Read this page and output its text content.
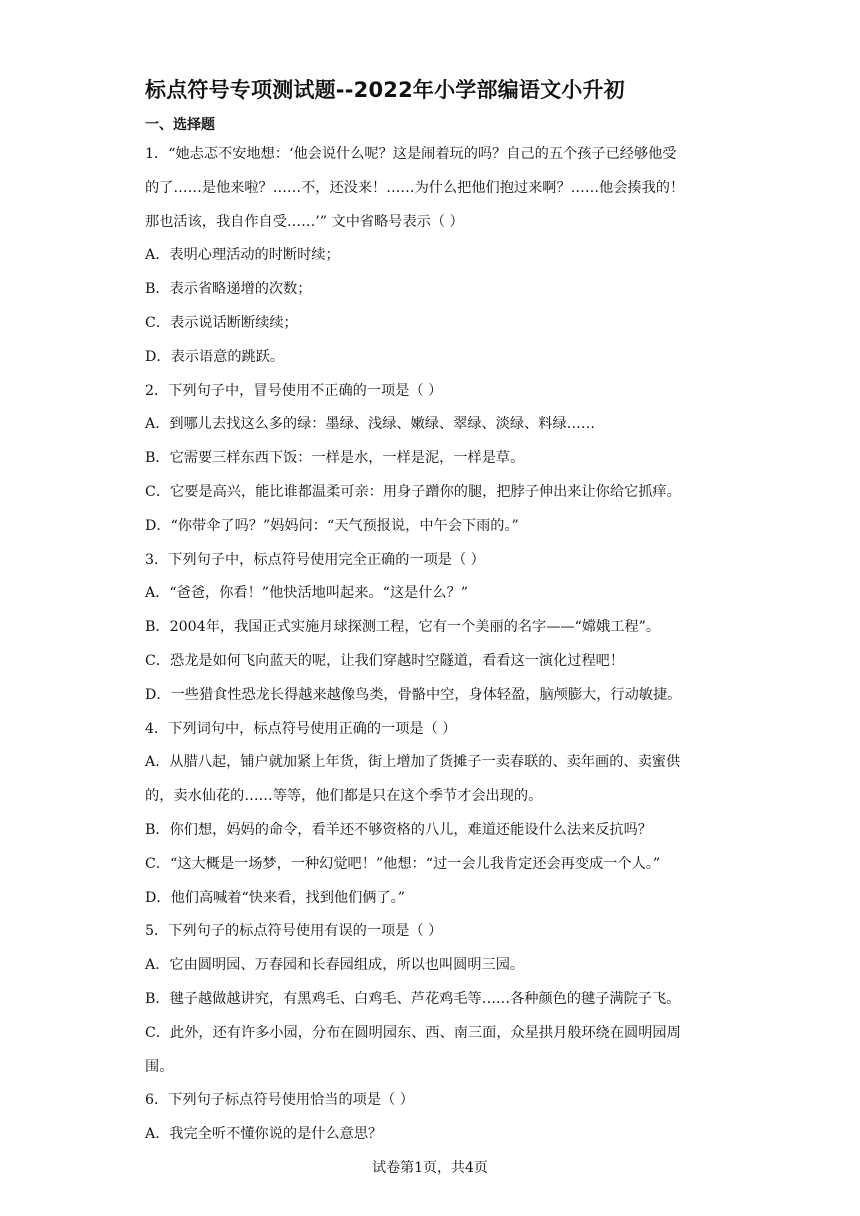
标点符号专项测试题--2022年小学部编语文小升初
一、选择题
1．“她忐忑不安地想：‘他会说什么呢？这是闹着玩的吗？自己的五个孩子已经够他受
的了……是他来啦？……不，还没来！……为什么把他们抱过来啊？……他会揍我的！
那也活该，我自作自受……’” 文中省略号表示（ ）
A．表明心理活动的时断时续；
B．表示省略递增的次数；
C．表示说话断断续续；
D．表示语意的跳跃。
2．下列句子中，冒号使用不正确的一项是（ ）
A．到哪儿去找这么多的绿：墨绿、浅绿、嫩绿、翠绿、淡绿、料绿……
B．它需要三样东西下饭：一样是水，一样是泥，一样是草。
C．它要是高兴，能比谁都温柔可亲：用身子蹭你的腿，把脖子伸出来让你给它抓痒。
D．“你带伞了吗？”妈妈问：“天气预报说，中午会下雨的。”
3．下列句子中，标点符号使用完全正确的一项是（ ）
A．“爸爸，你看！”他快活地叫起来。“这是什么？”
B．2004年，我国正式实施月球探测工程，它有一个美丽的名字——“嫦娥工程”。
C．恐龙是如何飞向蓝天的呢，让我们穿越时空隧道，看看这一演化过程吧！
D．一些猎食性恐龙长得越来越像鸟类，骨骼中空，身体轻盈，脑颅膨大，行动敏捷。
4．下列词句中，标点符号使用正确的一项是（ ）
A．从腊八起，铺户就加紧上年货，街上增加了货摊子一卖春联的、卖年画的、卖蜜供
的，卖水仙花的……等等，他们都是只在这个季节才会出现的。
B．你们想，妈妈的命令，看羊还不够资格的八儿，难道还能设什么法来反抗吗？
C．“这大概是一场梦，一种幻觉吧！”他想：“过一会儿我肯定还会再变成一个人。”
D．他们高喊着“快来看，找到他们俩了。”
5．下列句子的标点符号使用有误的一项是（ ）
A．它由圆明园、万春园和长春园组成，所以也叫圆明三园。
B．毽子越做越讲究，有黑鸡毛、白鸡毛、芦花鸡毛等……各种颜色的毽子满院子飞。
C．此外，还有许多小园，分布在圆明园东、西、南三面，众星拱月般环绕在圆明园周
围。
6．下列句子标点符号使用恰当的项是（ ）
A．我完全听不懂你说的是什么意思？
试卷第1页，共4页
